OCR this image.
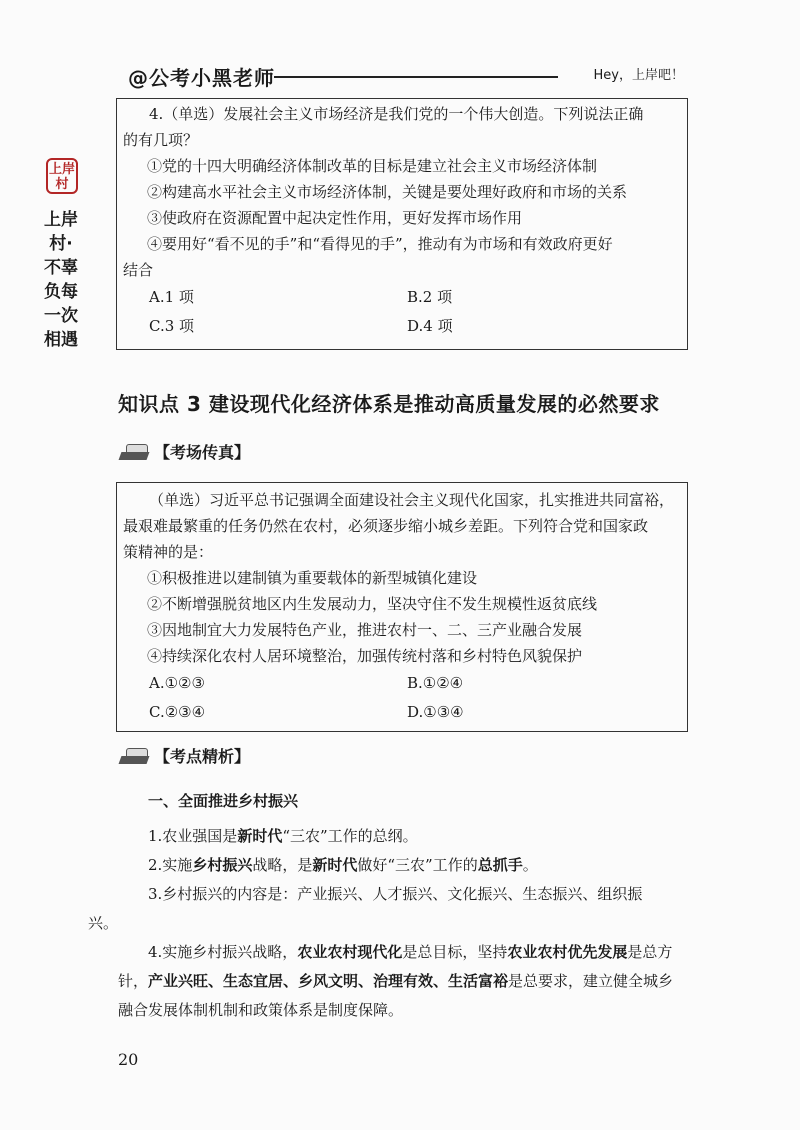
@公考小黑老师	Hey，上岸吧！
上岸
村
上岸村·不辜负每一次相遇

4.（单选）发展社会主义市场经济是我们党的一个伟大创造。下列说法正确

的有几项？

①党的十四大明确经济体制改革的目标是建立社会主义市场经济体制

②构建高水平社会主义市场经济体制，关键是要处理好政府和市场的关系

③使政府在资源配置中起决定性作用，更好发挥市场作用

④要用好“看不见的手”和“看得见的手”，推动有为市场和有效政府更好

结合

A.1 项	B.2 项
C.3 项	D.4 项
知识点 3 建设现代化经济体系是推动高质量发展的必然要求
【考场传真】

（单选）习近平总书记强调全面建设社会主义现代化国家，扎实推进共同富裕，

最艰难最繁重的任务仍然在农村，必须逐步缩小城乡差距。下列符合党和国家政

策精神的是：

①积极推进以建制镇为重要载体的新型城镇化建设

②不断增强脱贫地区内生发展动力，坚决守住不发生规模性返贫底线

③因地制宜大力发展特色产业，推进农村一、二、三产业融合发展

④持续深化农村人居环境整治，加强传统村落和乡村特色风貌保护

A.①②③	B.①②④
C.②③④	D.①③④
【考点精析】
一、全面推进乡村振兴

1.农业强国是新时代“三农”工作的总纲。

2.实施乡村振兴战略，是新时代做好“三农”工作的总抓手。

3.乡村振兴的内容是：产业振兴、人才振兴、文化振兴、生态振兴、组织振
兴。

4.实施乡村振兴战略，农业农村现代化是总目标，坚持农业农村优先发展是总方针，产业兴旺、生态宜居、乡风文明、治理有效、生活富裕是总要求，建立健全城乡融合发展体制机制和政策体系是制度保障。

20
